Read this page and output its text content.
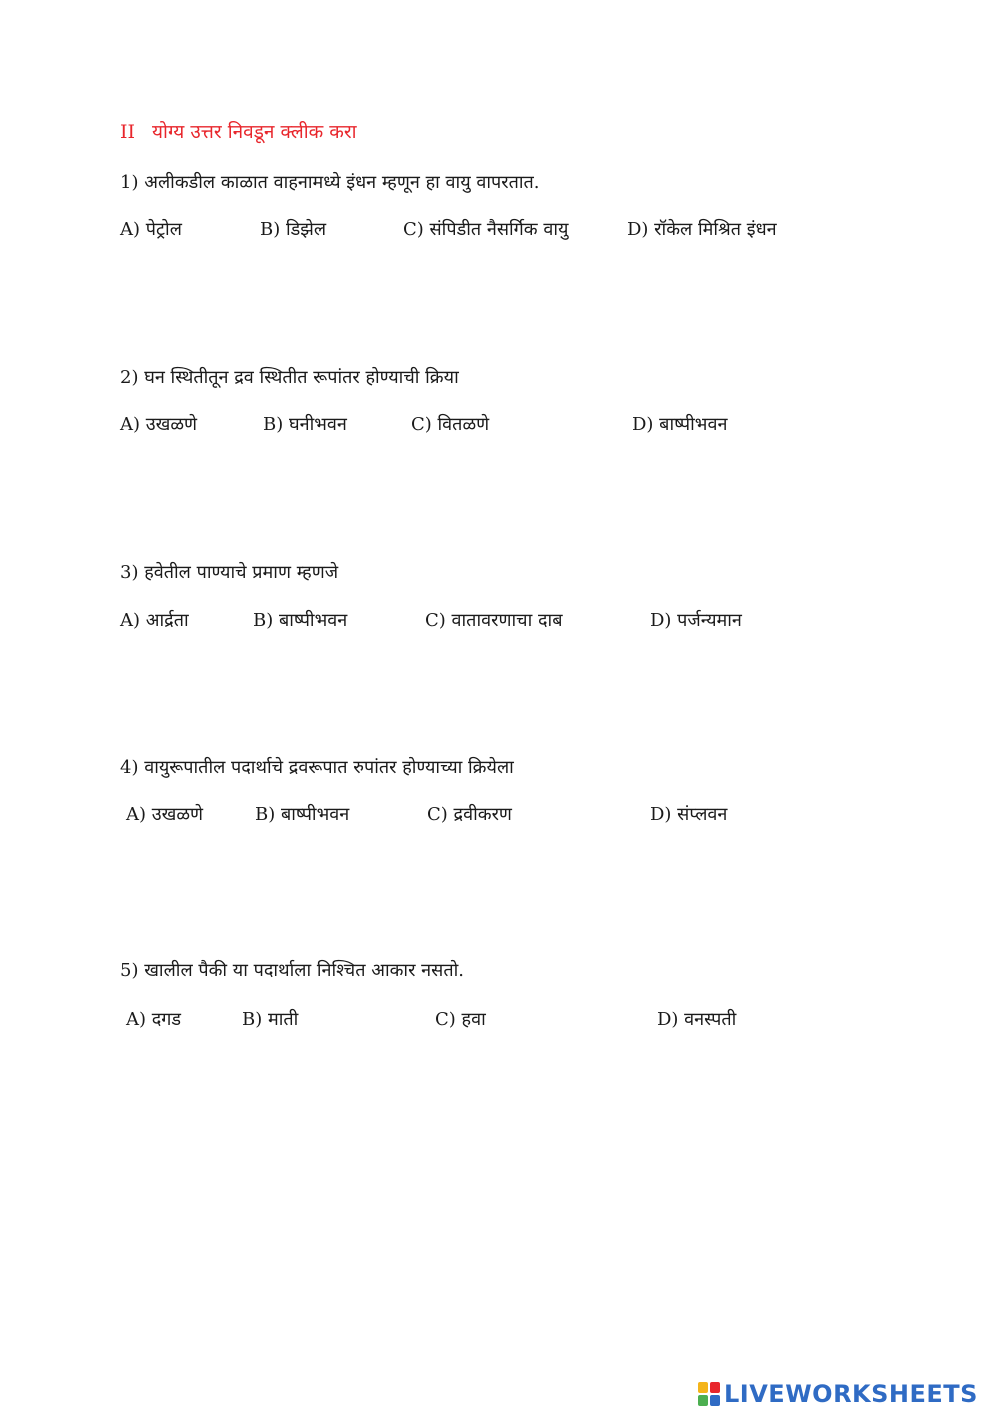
II योग्य उत्तर निवडून क्लीक करा
1) अलीकडील काळात वाहनामध्ये इंधन म्हणून हा वायु वापरतात.
A) पेट्रोल	B) डिझेल	C) संपिडीत नैसर्गिक वायु	D) रॉकेल मिश्रित इंधन
2) घन स्थितीतून द्रव स्थितीत रूपांतर होण्याची क्रिया
A) उखळणे	B) घनीभवन	C) वितळणे	D) बाष्पीभवन
3) हवेतील पाण्याचे प्रमाण म्हणजे
A) आर्द्रता	B) बाष्पीभवन	C) वातावरणाचा दाब	D) पर्जन्यमान
4) वायुरूपातील पदार्थाचे द्रवरूपात रुपांतर होण्याच्या क्रियेला
A) उखळणे	B) बाष्पीभवन	C) द्रवीकरण	D) संप्लवन
5) खालील पैकी या पदार्थाला निश्चित आकार नसतो.
A) दगड	B) माती	C) हवा	D) वनस्पती
LIVEWORKSHEETS
